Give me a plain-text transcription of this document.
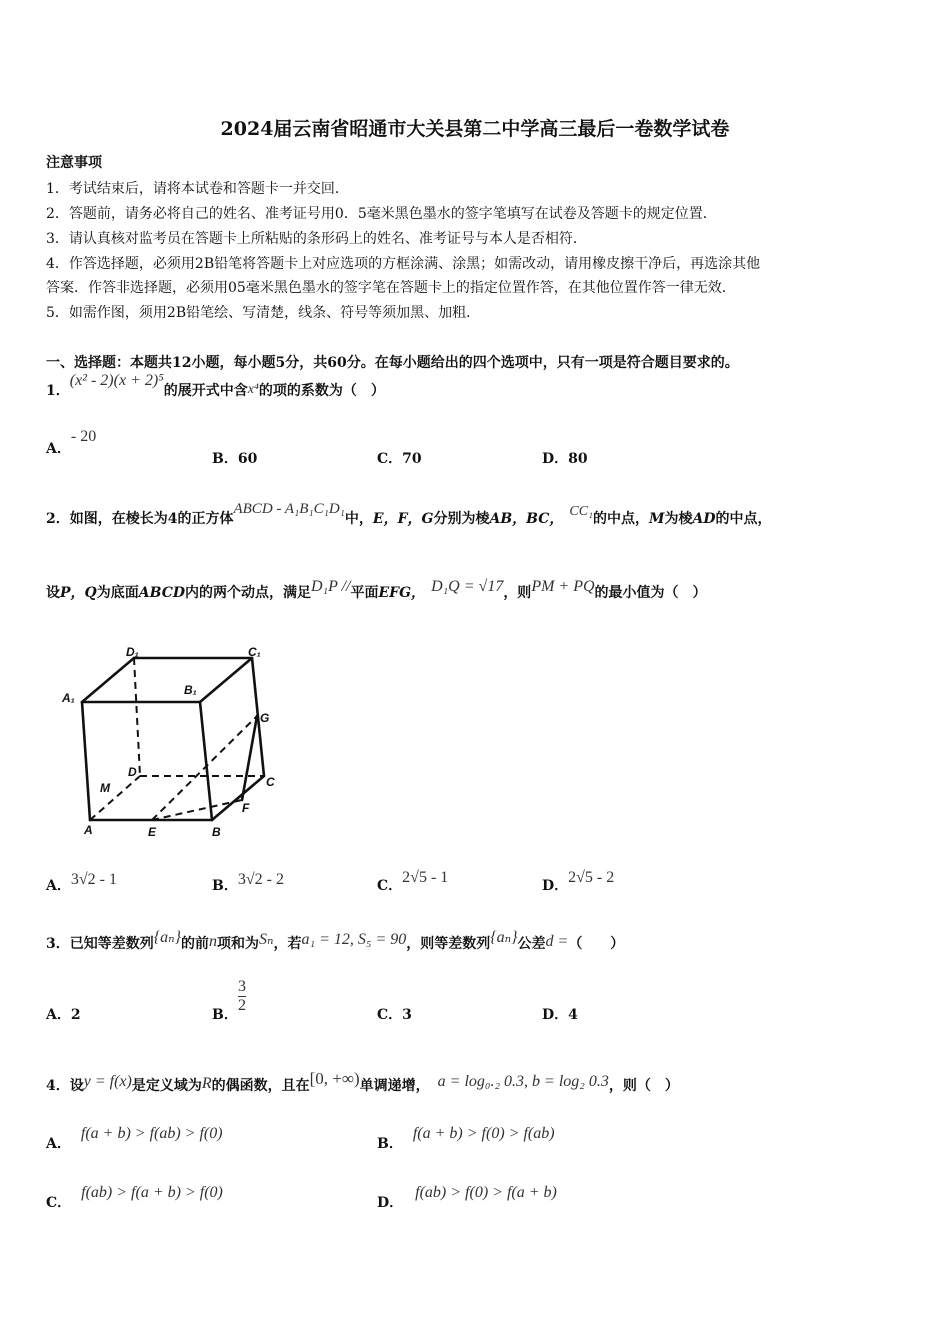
2024届云南省昭通市大关县第二中学高三最后一卷数学试卷
注意事项
1．考试结束后，请将本试卷和答题卡一并交回．
2．答题前，请务必将自己的姓名、准考证号用0．5毫米黑色墨水的签字笔填写在试卷及答题卡的规定位置．
3．请认真核对监考员在答题卡上所粘贴的条形码上的姓名、准考证号与本人是否相符．
4．作答选择题，必须用2B铅笔将答题卡上对应选项的方框涂满、涂黑；如需改动，请用橡皮擦干净后，再选涂其他
答案．作答非选择题，必须用05毫米黑色墨水的签字笔在答题卡上的指定位置作答，在其他位置作答一律无效．
5．如需作图，须用2B铅笔绘、写清楚，线条、符号等须加黑、加粗．
一、选择题：本题共12小题，每小题5分，共60分。在每小题给出的四个选项中，只有一项是符合题目要求的。
1．(x² - 2)(x + 2)⁵的展开式中含x⁴的项的系数为（　）
A．- 20
B．60	C．70	D．80
2．如图，在棱长为4的正方体ABCD - A₁B₁C₁D₁中，E，F，G分别为棱AB，BC， CC₁的中点，M为棱AD的中点，
设P，Q为底面ABCD内的两个动点，满足D₁P //平面EFG， D₁Q = √17，则PM + PQ的最小值为（　）
D₁	C₁
A₁
B₁
G
D
C
M
F
A	E	B
A．3√2 - 1	B．3√2 - 2	C．2√5 - 1	D．2√5 - 2
3．已知等差数列{aₙ}的前n项和为Sₙ，若a₁ = 12, S₅ = 90，则等差数列{aₙ}公差d =（　　）
A．2	B． $\frac{3}{2}$	C．3	D．4
4．设y = f(x)是定义域为R的偶函数，且在[0, +∞)单调递增， a = log₀.₂ 0.3, b = log₂ 0.3，则（　）
A．f(a + b) > f(ab) > f(0)
B．f(a + b) > f(0) > f(ab)
C．f(ab) > f(a + b) > f(0)
D．f(ab) > f(0) > f(a + b)
